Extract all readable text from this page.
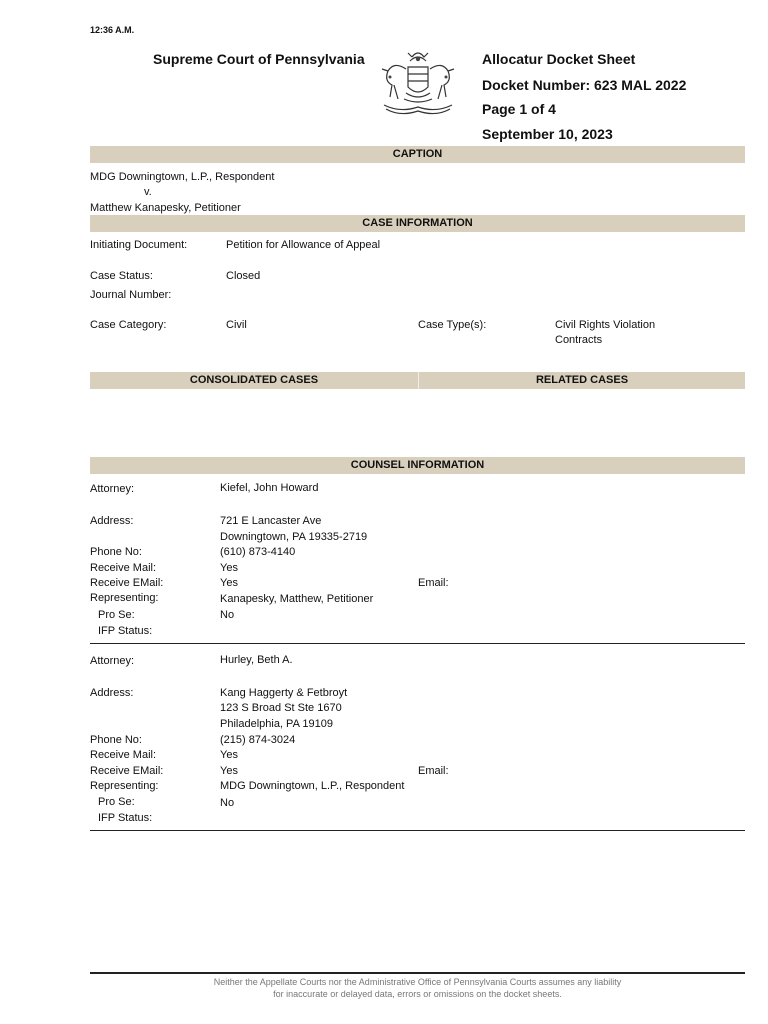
12:36 A.M.
Supreme Court of Pennsylvania	Allocatur Docket Sheet
Docket Number: 623 MAL 2022
Page 1 of 4
September 10, 2023
CAPTION
MDG Downingtown, L.P., Respondent
v.
Matthew Kanapesky, Petitioner
CASE INFORMATION
Initiating Document:	Petition for Allowance of Appeal
Case Status:	Closed
Journal Number:
Case Category:	Civil	Case Type(s):	Civil Rights Violation
Contracts
CONSOLIDATED CASES	RELATED CASES
COUNSEL INFORMATION
Attorney:	Kiefel, John Howard
Address:	721 E Lancaster Ave
Downingtown, PA 19335-2719
Phone No:	(610) 873-4140
Receive Mail:	Yes
Receive EMail:	Yes	Email:
Representing:	Kanapesky, Matthew, Petitioner
Pro Se:	No
IFP Status:
Attorney:	Hurley, Beth A.
Address:	Kang Haggerty & Fetbroyt
123 S Broad St Ste 1670
Philadelphia, PA 19109
Phone No:	(215) 874-3024
Receive Mail:	Yes
Receive EMail:	Yes	Email:
Representing:	MDG Downingtown, L.P., Respondent
Pro Se:	No
IFP Status:
Neither the Appellate Courts nor the Administrative Office of Pennsylvania Courts assumes any liability
for inaccurate or delayed data, errors or omissions on the docket sheets.
